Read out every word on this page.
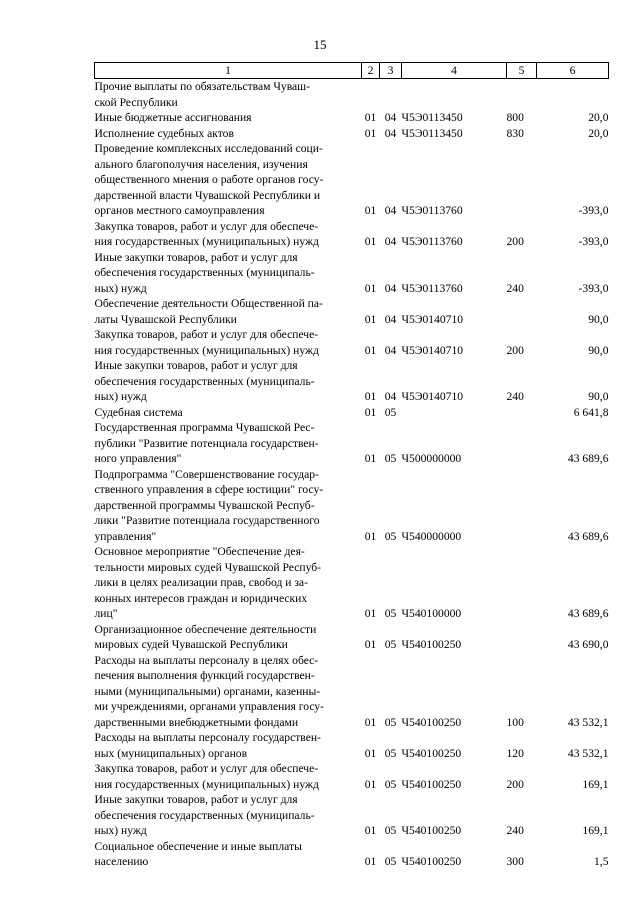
15
1	2	3	4	5	6
Прочие выплаты по обязательствам Чуваш-
ской Республики					
Иные бюджетные ассигнования	01	04	Ч5Э0113450	800	20,0
Исполнение судебных актов	01	04	Ч5Э0113450	830	20,0
Проведение комплексных исследований соци-
ального благополучия населения, изучения
общественного мнения о работе органов госу-
дарственной власти Чувашской Республики и
органов местного самоуправления	01	04	Ч5Э0113760		-393,0
Закупка товаров, работ и услуг для обеспече-
ния государственных (муниципальных) нужд	01	04	Ч5Э0113760	200	-393,0
Иные закупки товаров, работ и услуг для
обеспечения государственных (муниципаль-
ных) нужд	01	04	Ч5Э0113760	240	-393,0
Обеспечение деятельности Общественной па-
латы Чувашской Республики	01	04	Ч5Э0140710		90,0
Закупка товаров, работ и услуг для обеспече-
ния государственных (муниципальных) нужд	01	04	Ч5Э0140710	200	90,0
Иные закупки товаров, работ и услуг для
обеспечения государственных (муниципаль-
ных) нужд	01	04	Ч5Э0140710	240	90,0
Судебная система	01	05			6 641,8
Государственная программа Чувашской Рес-
публики "Развитие потенциала государствен-
ного управления"	01	05	Ч500000000		43 689,6
Подпрограмма "Совершенствование государ-
ственного управления в сфере юстиции" госу-
дарственной программы Чувашской Респуб-
лики "Развитие потенциала государственного
управления"	01	05	Ч540000000		43 689,6
Основное мероприятие "Обеспечение дея-
тельности мировых судей Чувашской Респуб-
лики в целях реализации прав, свобод и за-
конных интересов граждан и юридических
лиц"	01	05	Ч540100000		43 689,6
Организационное обеспечение деятельности
мировых судей Чувашской Республики	01	05	Ч540100250		43 690,0
Расходы на выплаты персоналу в целях обес-
печения выполнения функций государствен-
ными (муниципальными) органами, казенны-
ми учреждениями, органами управления госу-
дарственными внебюджетными фондами	01	05	Ч540100250	100	43 532,1
Расходы на выплаты персоналу государствен-
ных (муниципальных) органов	01	05	Ч540100250	120	43 532,1
Закупка товаров, работ и услуг для обеспече-
ния государственных (муниципальных) нужд	01	05	Ч540100250	200	169,1
Иные закупки товаров, работ и услуг для
обеспечения государственных (муниципаль-
ных) нужд	01	05	Ч540100250	240	169,1
Социальное обеспечение и иные выплаты
населению	01	05	Ч540100250	300	1,5
